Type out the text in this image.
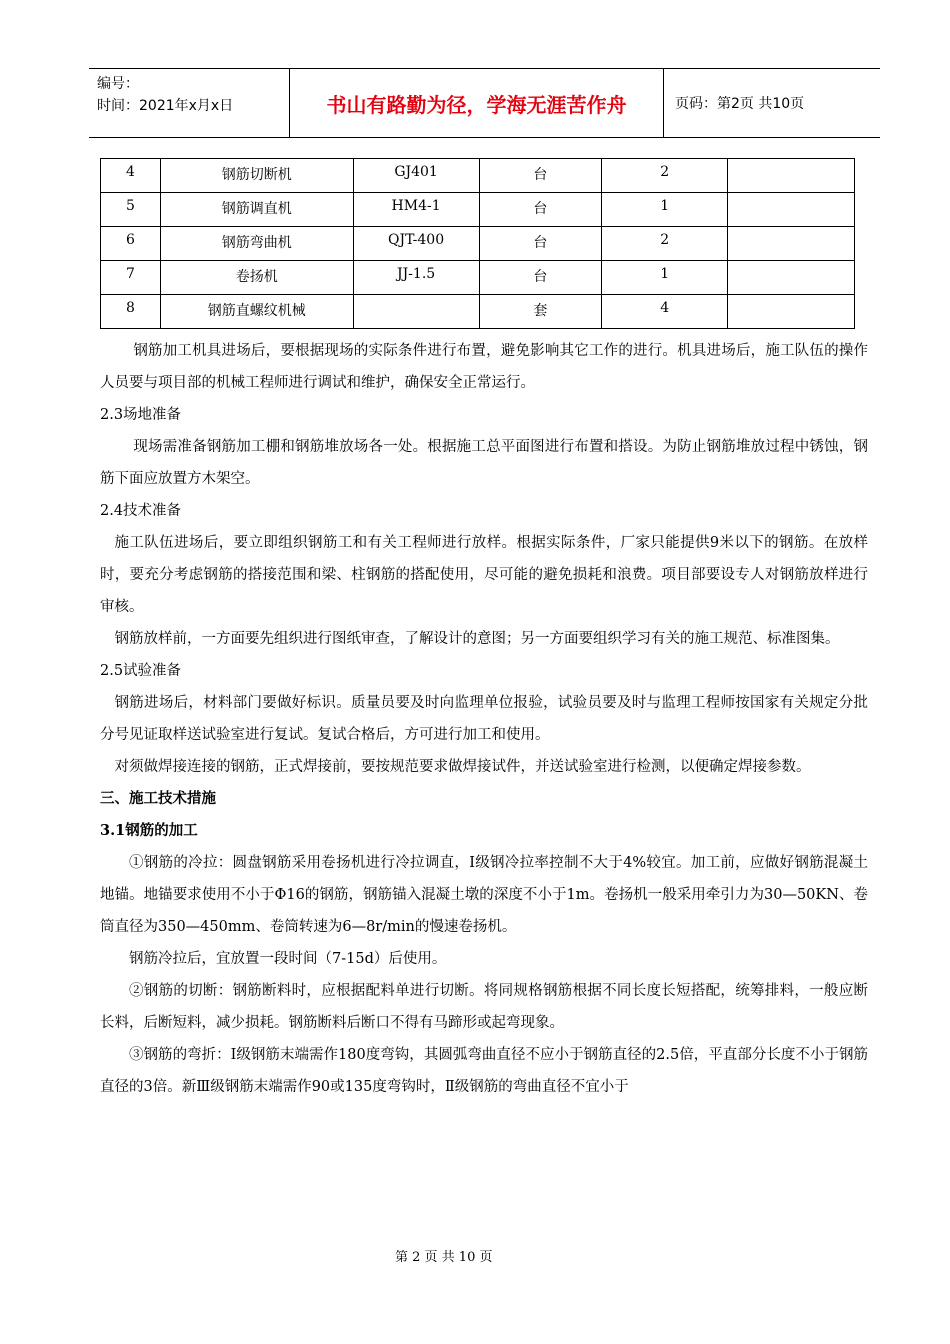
编号：
时间：2021年x月x日	书山有路勤为径，学海无涯苦作舟	页码：第2页 共10页
4	钢筋切断机	GJ401	台	2	
5	钢筋调直机	HM4-1	台	1	
6	钢筋弯曲机	QJT-400	台	2	
7	卷扬机	JJ-1.5	台	1	
8	钢筋直螺纹机械		套	4	

钢筋加工机具进场后，要根据现场的实际条件进行布置，避免影响其它工作的进行。机具进场后，施工队伍的操作人员要与项目部的机械工程师进行调试和维护，确保安全正常运行。

2.3场地准备

现场需准备钢筋加工棚和钢筋堆放场各一处。根据施工总平面图进行布置和搭设。为防止钢筋堆放过程中锈蚀，钢筋下面应放置方木架空。

2.4技术准备

施工队伍进场后，要立即组织钢筋工和有关工程师进行放样。根据实际条件，厂家只能提供9米以下的钢筋。在放样时，要充分考虑钢筋的搭接范围和梁、柱钢筋的搭配使用，尽可能的避免损耗和浪费。项目部要设专人对钢筋放样进行审核。

钢筋放样前，一方面要先组织进行图纸审查，了解设计的意图；另一方面要组织学习有关的施工规范、标准图集。

2.5试验准备

钢筋进场后，材料部门要做好标识。质量员要及时向监理单位报验，试验员要及时与监理工程师按国家有关规定分批分号见证取样送试验室进行复试。复试合格后，方可进行加工和使用。

对须做焊接连接的钢筋，正式焊接前，要按规范要求做焊接试件，并送试验室进行检测，以便确定焊接参数。

三、施工技术措施

3.1钢筋的加工

①钢筋的冷拉：圆盘钢筋采用卷扬机进行冷拉调直，Ⅰ级钢冷拉率控制不大于4%较宜。加工前，应做好钢筋混凝土地锚。地锚要求使用不小于Φ16的钢筋，钢筋锚入混凝土墩的深度不小于1m。卷扬机一般采用牵引力为30—50KN、卷筒直径为350—450mm、卷筒转速为6—8r/min的慢速卷扬机。

钢筋冷拉后，宜放置一段时间（7-15d）后使用。

②钢筋的切断：钢筋断料时，应根据配料单进行切断。将同规格钢筋根据不同长度长短搭配，统筹排料，一般应断长料，后断短料，减少损耗。钢筋断料后断口不得有马蹄形或起弯现象。

③钢筋的弯折：Ⅰ级钢筋末端需作180度弯钩，其圆弧弯曲直径不应小于钢筋直径的2.5倍，平直部分长度不小于钢筋直径的3倍。新Ⅲ级钢筋末端需作90或135度弯钩时，Ⅱ级钢筋的弯曲直径不宜小于

第 2 页 共 10 页
